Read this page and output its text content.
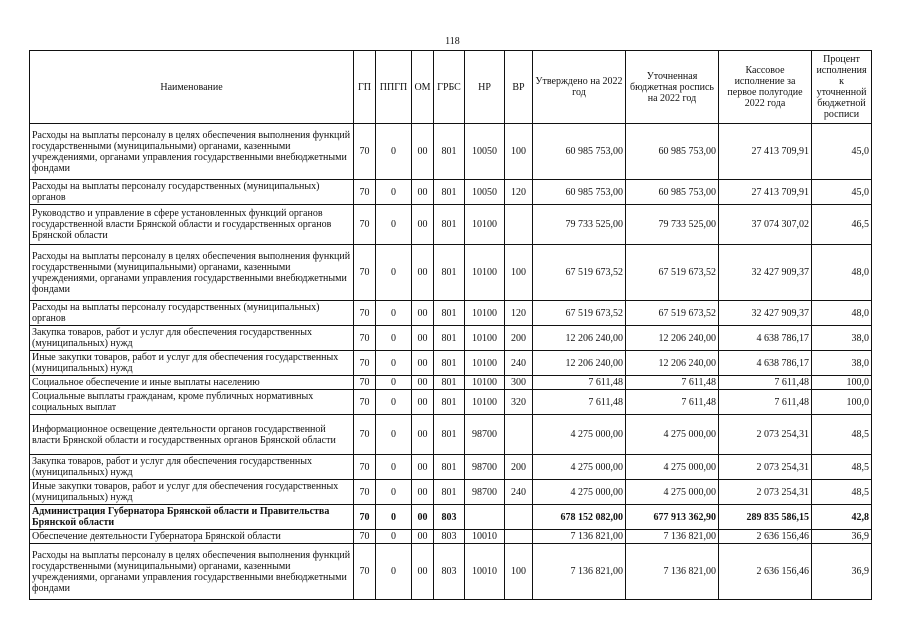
118
Наименование	ГП	ППГП	ОМ	ГРБС	НР	ВР	Утверждено на 2022 год	Уточненная бюджетная роспись на 2022 год	Кассовое исполнение за первое полугодие 2022 года	Процент исполнения к уточненной бюджетной росписи
Расходы на выплаты персоналу в целях обеспечения выполнения функций государственными (муниципальными) органами, казенными учреждениями, органами управления государственными внебюджетными фондами	70	0	00	801	10050	100	60 985 753,00	60 985 753,00	27 413 709,91	45,0
Расходы на выплаты персоналу государственных (муниципальных) органов	70	0	00	801	10050	120	60 985 753,00	60 985 753,00	27 413 709,91	45,0
Руководство и управление в сфере установленных функций органов государственной власти Брянской области и государственных органов Брянской области	70	0	00	801	10100		79 733 525,00	79 733 525,00	37 074 307,02	46,5
Расходы на выплаты персоналу в целях обеспечения выполнения функций государственными (муниципальными) органами, казенными учреждениями, органами управления государственными внебюджетными фондами	70	0	00	801	10100	100	67 519 673,52	67 519 673,52	32 427 909,37	48,0
Расходы на выплаты персоналу государственных (муниципальных) органов	70	0	00	801	10100	120	67 519 673,52	67 519 673,52	32 427 909,37	48,0
Закупка товаров, работ и услуг для обеспечения государственных (муниципальных) нужд	70	0	00	801	10100	200	12 206 240,00	12 206 240,00	4 638 786,17	38,0
Иные закупки товаров, работ и услуг для обеспечения государственных (муниципальных) нужд	70	0	00	801	10100	240	12 206 240,00	12 206 240,00	4 638 786,17	38,0
Социальное обеспечение и иные выплаты населению	70	0	00	801	10100	300	7 611,48	7 611,48	7 611,48	100,0
Социальные выплаты гражданам, кроме публичных нормативных социальных выплат	70	0	00	801	10100	320	7 611,48	7 611,48	7 611,48	100,0
Информационное освещение деятельности органов государственной власти Брянской области и государственных органов Брянской области	70	0	00	801	98700		4 275 000,00	4 275 000,00	2 073 254,31	48,5
Закупка товаров, работ и услуг для обеспечения государственных (муниципальных) нужд	70	0	00	801	98700	200	4 275 000,00	4 275 000,00	2 073 254,31	48,5
Иные закупки товаров, работ и услуг для обеспечения государственных (муниципальных) нужд	70	0	00	801	98700	240	4 275 000,00	4 275 000,00	2 073 254,31	48,5
Администрация Губернатора Брянской области и Правительства Брянской области	70	0	00	803			678 152 082,00	677 913 362,90	289 835 586,15	42,8
Обеспечение деятельности Губернатора Брянской области	70	0	00	803	10010		7 136 821,00	7 136 821,00	2 636 156,46	36,9
Расходы на выплаты персоналу в целях обеспечения выполнения функций государственными (муниципальными) органами, казенными учреждениями, органами управления государственными внебюджетными фондами	70	0	00	803	10010	100	7 136 821,00	7 136 821,00	2 636 156,46	36,9
